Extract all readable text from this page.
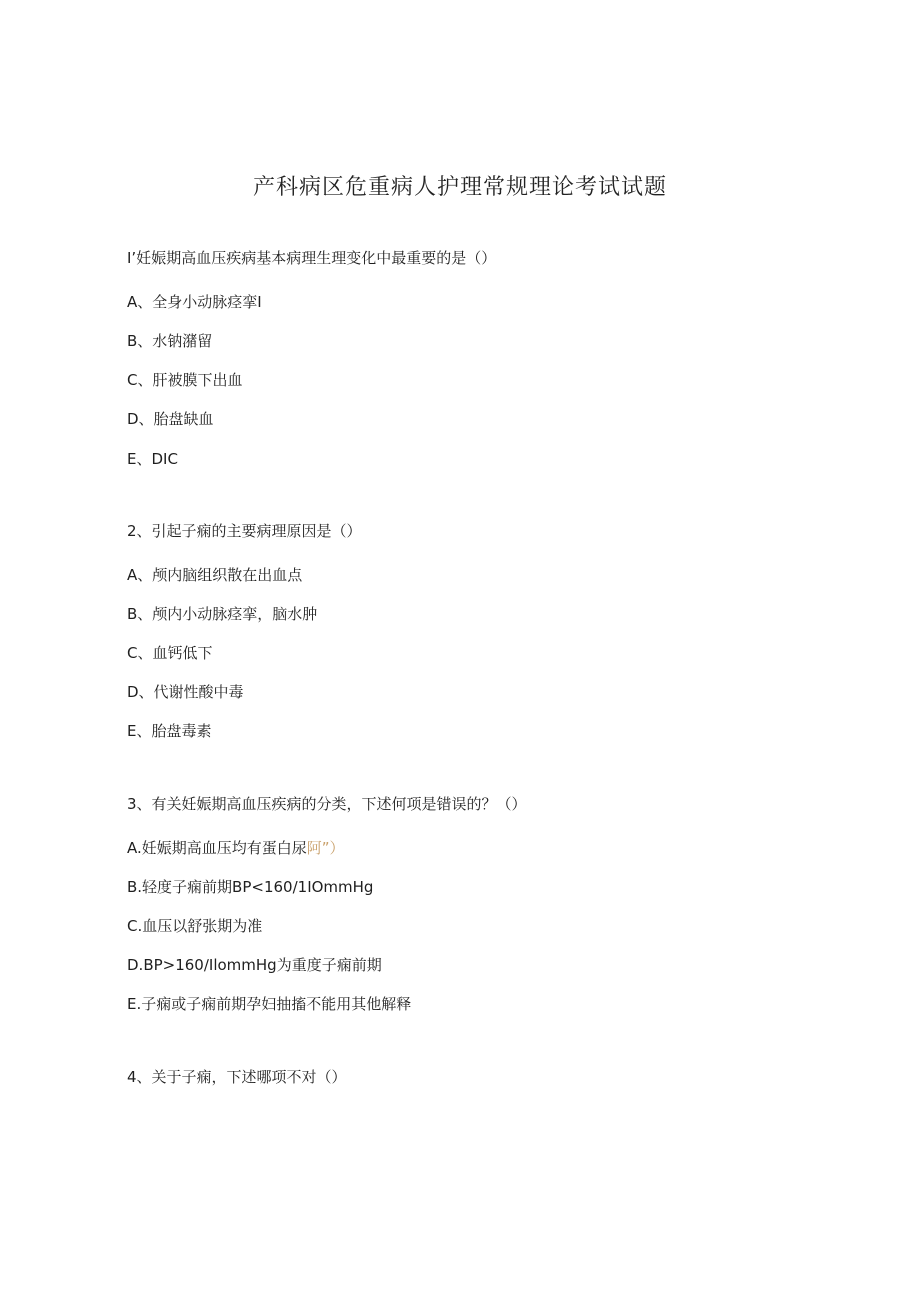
产科病区危重病人护理常规理论考试试题
I’妊娠期高血压疾病基本病理生理变化中最重要的是（）
A、全身小动脉痉挛I
B、水钠潴留
C、肝被膜下出血
D、胎盘缺血
E、DIC
2、引起子痫的主要病理原因是（）
A、颅内脑组织散在出血点
B、颅内小动脉痉挛，脑水肿
C、血钙低下
D、代谢性酸中毒
E、胎盘毒素
3、有关妊娠期高血压疾病的分类，下述何项是错误的？（）
A.妊娠期高血压均有蛋白尿阿”）
B.轻度子痫前期BP<160/1IOmmHg
C.血压以舒张期为准
D.BP>160∕IlommHg为重度子痫前期
E.子痫或子痫前期孕妇抽搐不能用其他解释
4、关于子痫，下述哪项不对（）
